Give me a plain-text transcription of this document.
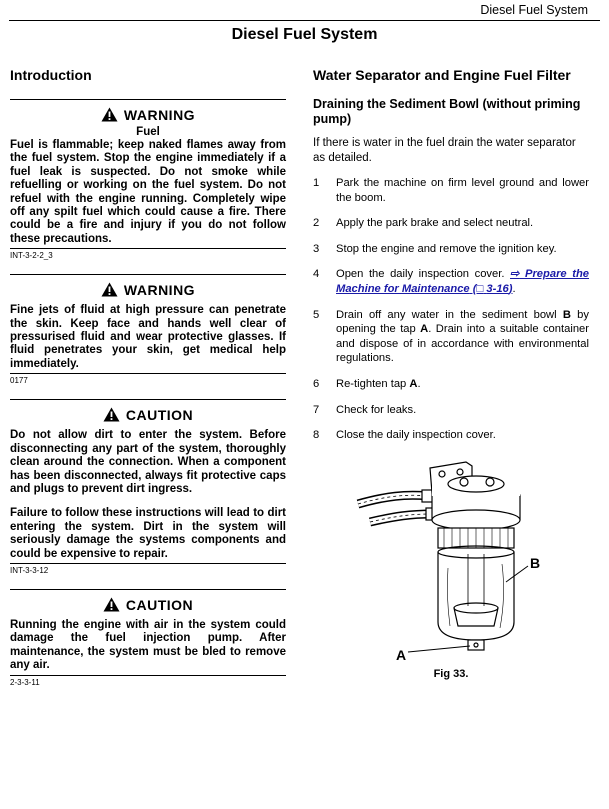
Diesel Fuel System
Diesel Fuel System
Introduction
WARNING
Fuel
Fuel is flammable; keep naked flames away from the fuel system. Stop the engine immediately if a fuel leak is suspected. Do not smoke while refuelling or working on the fuel system. Do not refuel with the engine running. Completely wipe off any spilt fuel which could cause a fire. There could be a fire and injury if you do not follow these precautions.
INT-3-2-2_3
WARNING
Fine jets of fluid at high pressure can penetrate the skin. Keep face and hands well clear of pressurised fluid and wear protective glasses. If fluid penetrates your skin, get medical help immediately.
0177
CAUTION
Do not allow dirt to enter the system. Before disconnecting any part of the system, thoroughly clean around the connection. When a component has been disconnected, always fit protective caps and plugs to prevent dirt ingress.
Failure to follow these instructions will lead to dirt entering the system. Dirt in the system will seriously damage the systems components and could be expensive to repair.
INT-3-3-12
CAUTION
Running the engine with air in the system could damage the fuel injection pump. After maintenance, the system must be bled to remove any air.
2-3-3-11
Water Separator and Engine Fuel Filter
Draining the Sediment Bowl (without priming pump)
If there is water in the fuel drain the water separator as detailed.
1	Park the machine on firm level ground and lower the boom.
2	Apply the park brake and select neutral.
3	Stop the engine and remove the ignition key.
4	Open the daily inspection cover. ⇨ Prepare the Machine for Maintenance (□ 3-16).
5	Drain off any water in the sediment bowl B by opening the tap A. Drain into a suitable container and dispose of in accordance with environmental regulations.
6	Re-tighten tap A.
7	Check for leaks.
8	Close the daily inspection cover.
B
A
Fig 33.
